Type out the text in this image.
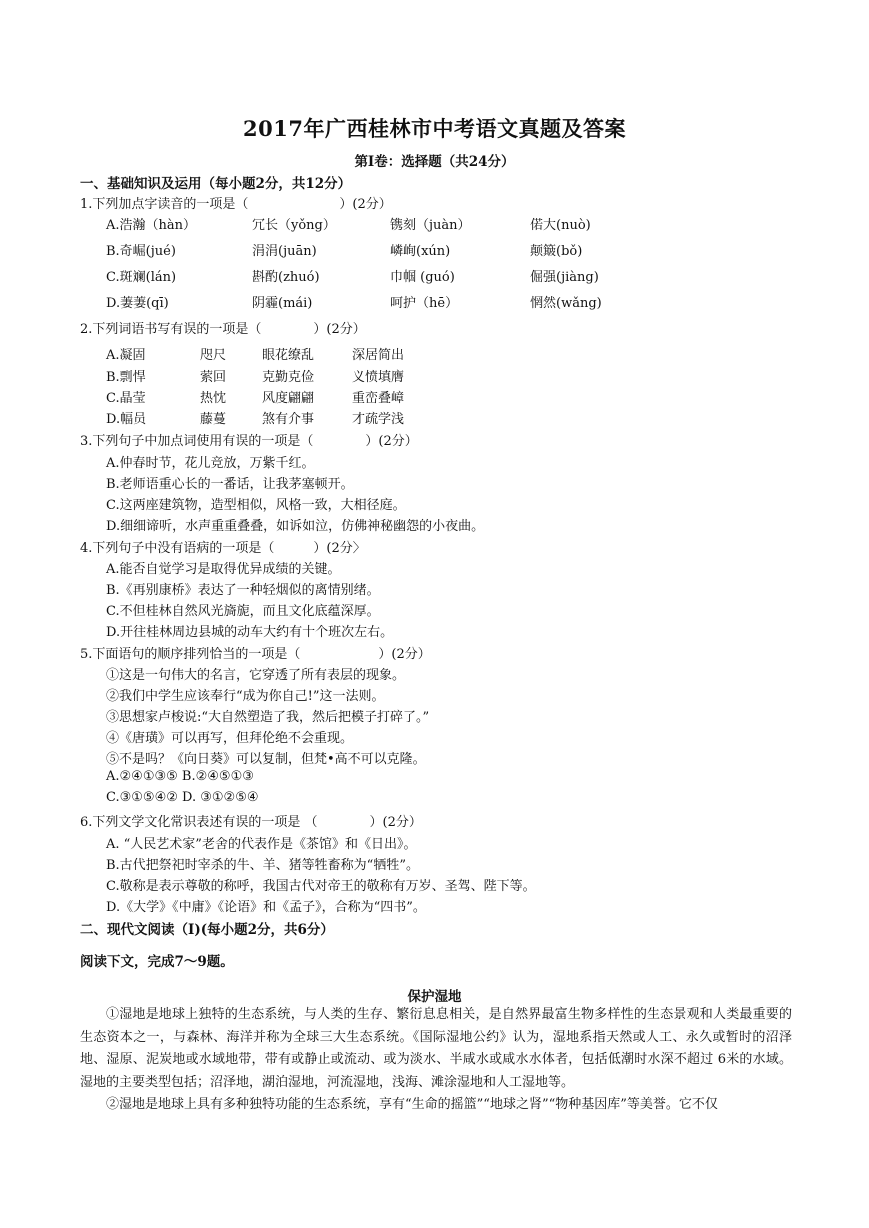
2017年广西桂林市中考语文真题及答案
第Ⅰ卷：选择题（共24分）
一、基础知识及运用（每小题2分，共12分）
1.下列加点字读音的一项是（　　　　　　　）(2分）
A.浩瀚（hàn）	冗长（yǒng）	镌刻（juàn）	偌大(nuò)
B.奇崛(jué)	涓涓(juān)	嶙峋(xún)	颠簸(bǒ)
C.斑斓(lán)	斟酌(zhuó)	巾帼 (guó)	倔强(jiàng)
D.萋萋(qī)	阴霾(mái)	呵护（hē）	惘然(wǎng)
2.下列词语书写有误的一项是（　　　　）(2分）
A.凝固	咫尺	眼花缭乱	深居简出
B.剽悍	萦回	克勤克俭	义愤填膺
C.晶莹	热忱	风度翩翩	重峦叠嶂
D.幅员	藤蔓	煞有介事	才疏学浅
3.下列句子中加点词使用有误的一项是（　　　　）(2分）
A.仲春时节，花儿竞放，万紫千红。
B.老师语重心长的一番话，让我茅塞顿开。
C.这两座建筑物，造型相似，风格一致，大相径庭。
D.细细谛听，水声重重叠叠，如诉如泣，仿佛神秘幽怨的小夜曲。
4.下列句子中没有语病的一项是（　　　）(2分〉
A.能否自觉学习是取得优异成绩的关键。
B.《再别康桥》表达了一种轻烟似的离情别绪。
C.不但桂林自然风光旖旎，而且文化底蕴深厚。
D.开往桂林周边县城的动车大约有十个班次左右。
5.下面语句的顺序排列恰当的一项是（　　　　　　）(2分）
①这是一句伟大的名言，它穿透了所有表层的现象。
②我们中学生应该奉行“成为你自己!”这一法则。
③思想家卢梭说:“大自然塑造了我，然后把模子打碎了。”
④《唐璜》可以再写，但拜伦绝不会重现。
⑤不是吗？《向日葵》可以复制，但梵•高不可以克隆。
A.②④①③⑤ B.②④⑤①③
C.③①⑤④② D. ③①②⑤④
6.下列文学文化常识表述有误的一项是 （　　　　）(2分）
A. “人民艺术家”老舍的代表作是《茶馆》和《日出》。
B.古代把祭祀时宰杀的牛、羊、猪等牲畜称为“牺牲”。
C.敬称是表示尊敬的称呼，我国古代对帝王的敬称有万岁、圣驾、陛下等。
D.《大学》《中庸》《论语》和《孟子》，合称为“四书”。
二、现代文阅读（Ⅰ)(每小题2分，共6分）
阅读下文，完成7～9题。
保护湿地
①湿地是地球上独特的生态系统，与人类的生存、繁衍息息相关，是自然界最富生物多样性的生态景观和人类最重要的生态资本之一，与森林、海洋并称为全球三大生态系统。《国际湿地公约》认为，湿地系指天然或人工、永久或暂时的沼泽地、湿原、泥炭地或水域地带，带有或静止或流动、或为淡水、半咸水或咸水水体者，包括低潮时水深不超过 6米的水域。湿地的主要类型包括；沼泽地，湖泊湿地，河流湿地，浅海、滩涂湿地和人工湿地等。
②湿地是地球上具有多种独特功能的生态系统，享有“生命的摇篮”“地球之肾”“物种基因库”等美誉。它不仅
